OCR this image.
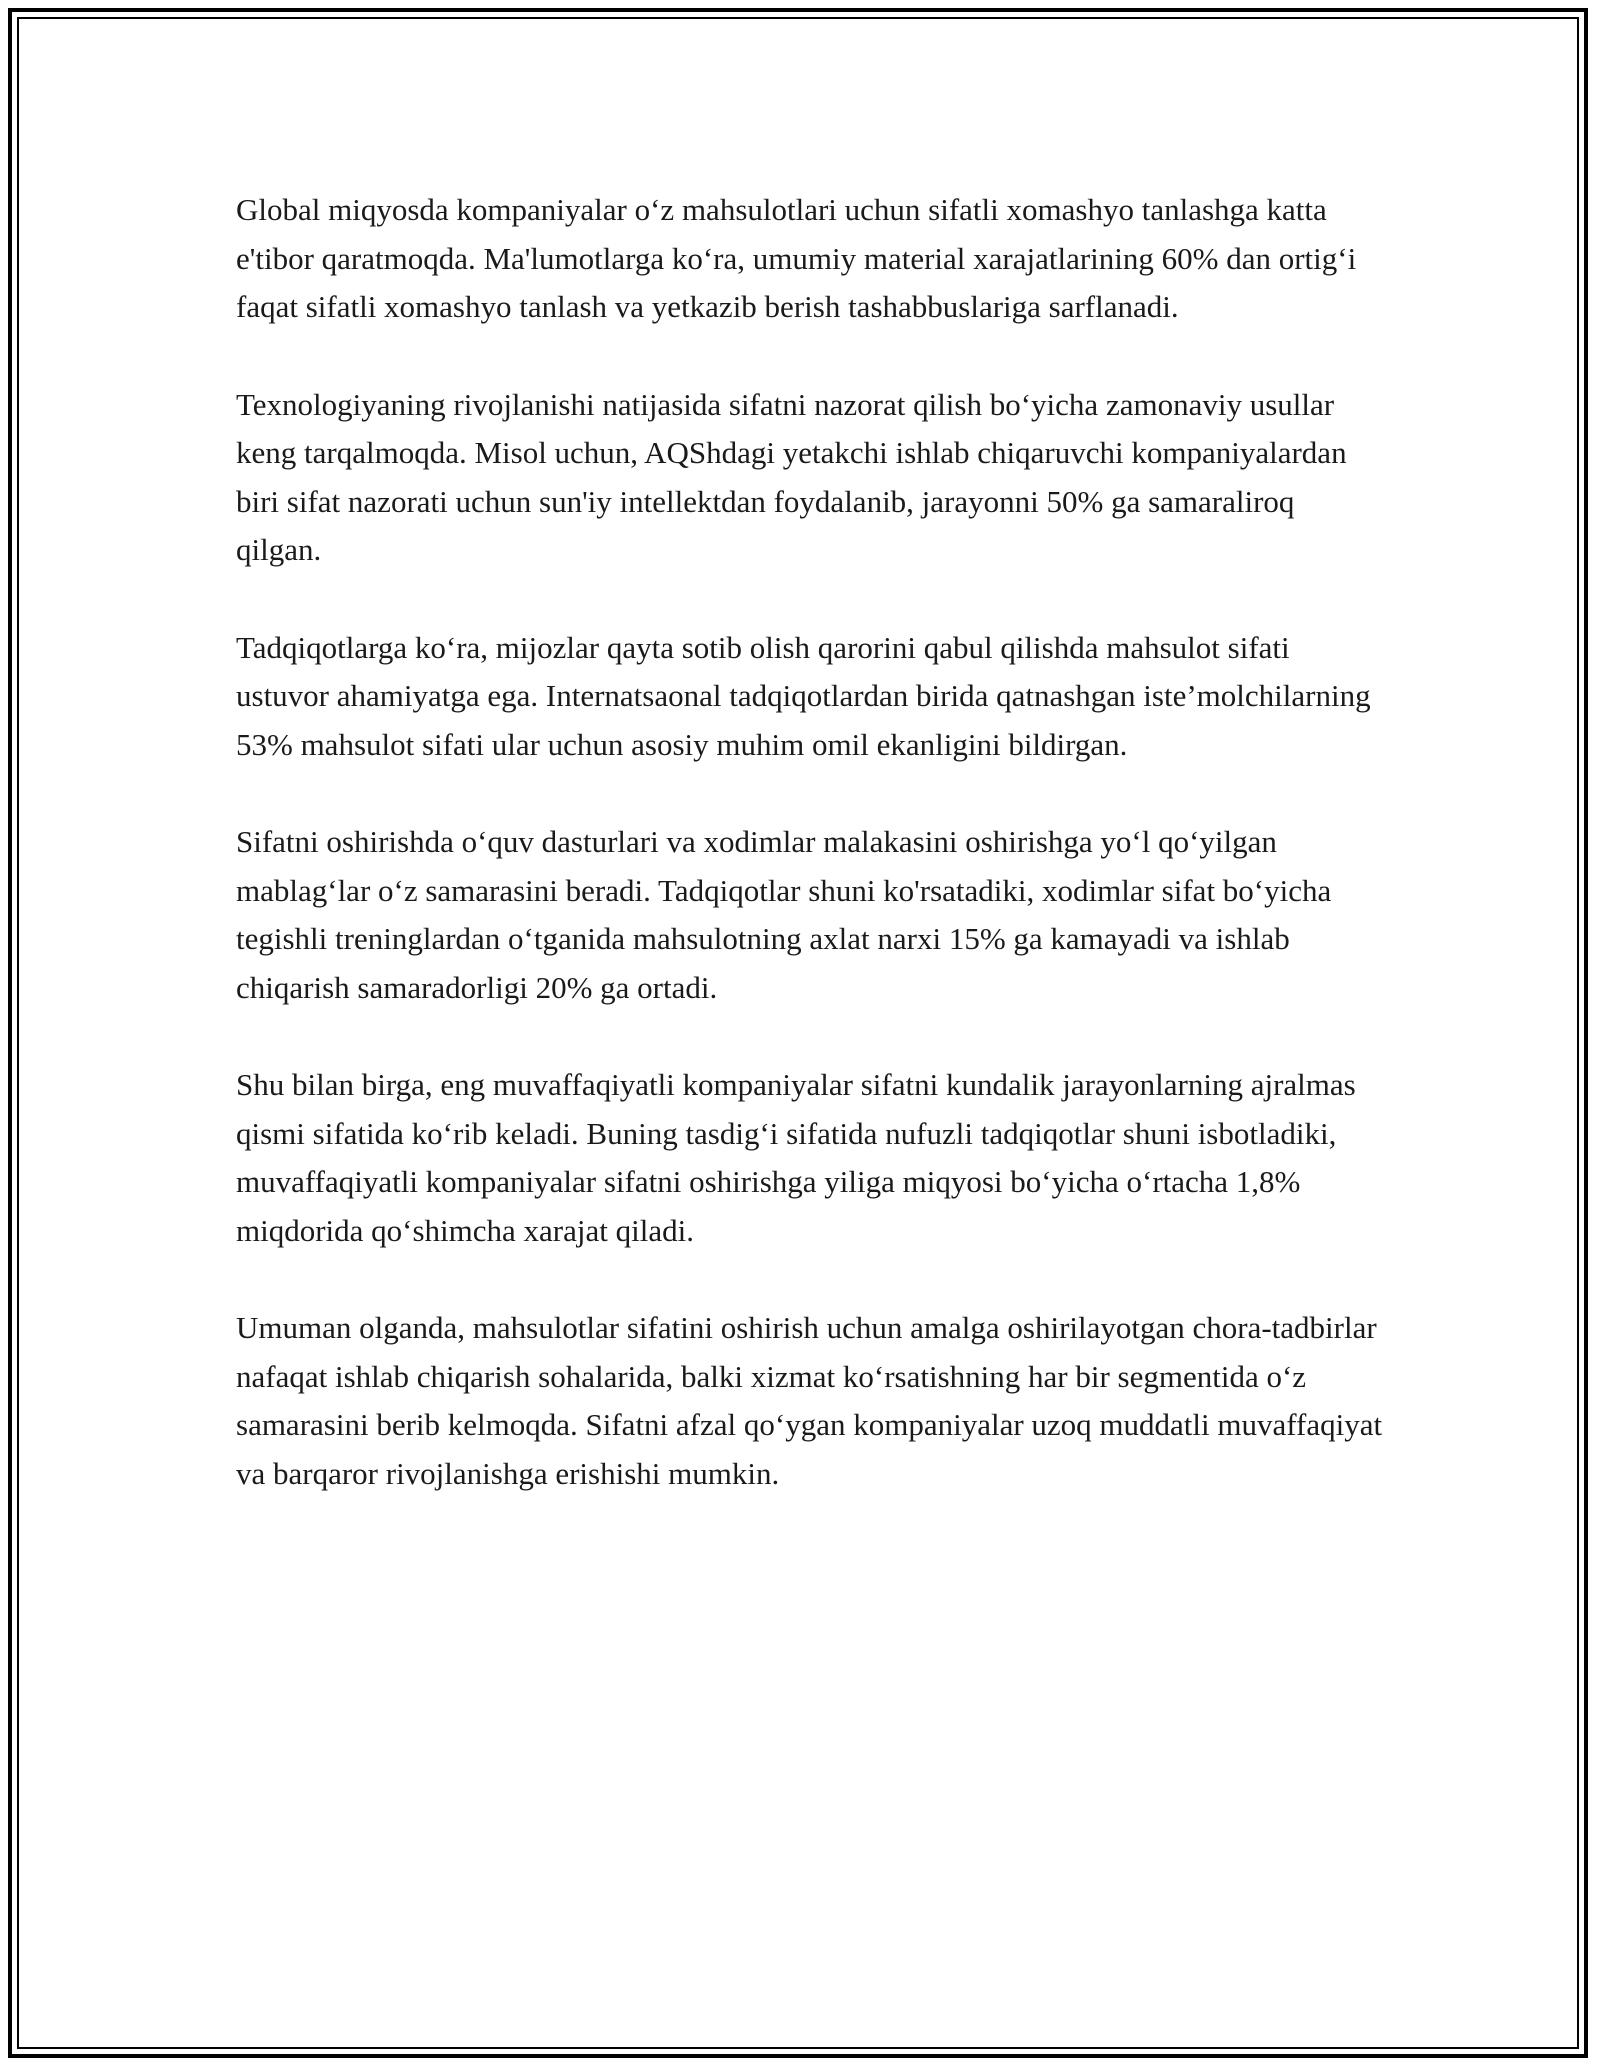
Global miqyosda kompaniyalar o‘z mahsulotlari uchun sifatli xomashyo tanlashga katta e'tibor qaratmoqda. Ma'lumotlarga ko‘ra, umumiy material xarajatlarining 60% dan ortig‘i faqat sifatli xomashyo tanlash va yetkazib berish tashabbuslariga sarflanadi.

Texnologiyaning rivojlanishi natijasida sifatni nazorat qilish bo‘yicha zamonaviy usullar keng tarqalmoqda. Misol uchun, AQShdagi yetakchi ishlab chiqaruvchi kompaniyalardan biri sifat nazorati uchun sun'iy intellektdan foydalanib, jarayonni 50% ga samaraliroq qilgan.

Tadqiqotlarga ko‘ra, mijozlar qayta sotib olish qarorini qabul qilishda mahsulot sifati ustuvor ahamiyatga ega. Internatsaonal tadqiqotlardan birida qatnashgan iste’molchilarning 53% mahsulot sifati ular uchun asosiy muhim omil ekanligini bildirgan.

Sifatni oshirishda o‘quv dasturlari va xodimlar malakasini oshirishga yo‘l qo‘yilgan mablag‘lar o‘z samarasini beradi. Tadqiqotlar shuni ko'rsatadiki, xodimlar sifat bo‘yicha tegishli treninglardan o‘tganida mahsulotning axlat narxi 15% ga kamayadi va ishlab chiqarish samaradorligi 20% ga ortadi.

Shu bilan birga, eng muvaffaqiyatli kompaniyalar sifatni kundalik jarayonlarning ajralmas qismi sifatida ko‘rib keladi. Buning tasdig‘i sifatida nufuzli tadqiqotlar shuni isbotladiki, muvaffaqiyatli kompaniyalar sifatni oshirishga yiliga miqyosi bo‘yicha o‘rtacha 1,8% miqdorida qo‘shimcha xarajat qiladi.

Umuman olganda, mahsulotlar sifatini oshirish uchun amalga oshirilayotgan chora-tadbirlar nafaqat ishlab chiqarish sohalarida, balki xizmat ko‘rsatishning har bir segmentida o‘z samarasini berib kelmoqda. Sifatni afzal qo‘ygan kompaniyalar uzoq muddatli muvaffaqiyat va barqaror rivojlanishga erishishi mumkin.
